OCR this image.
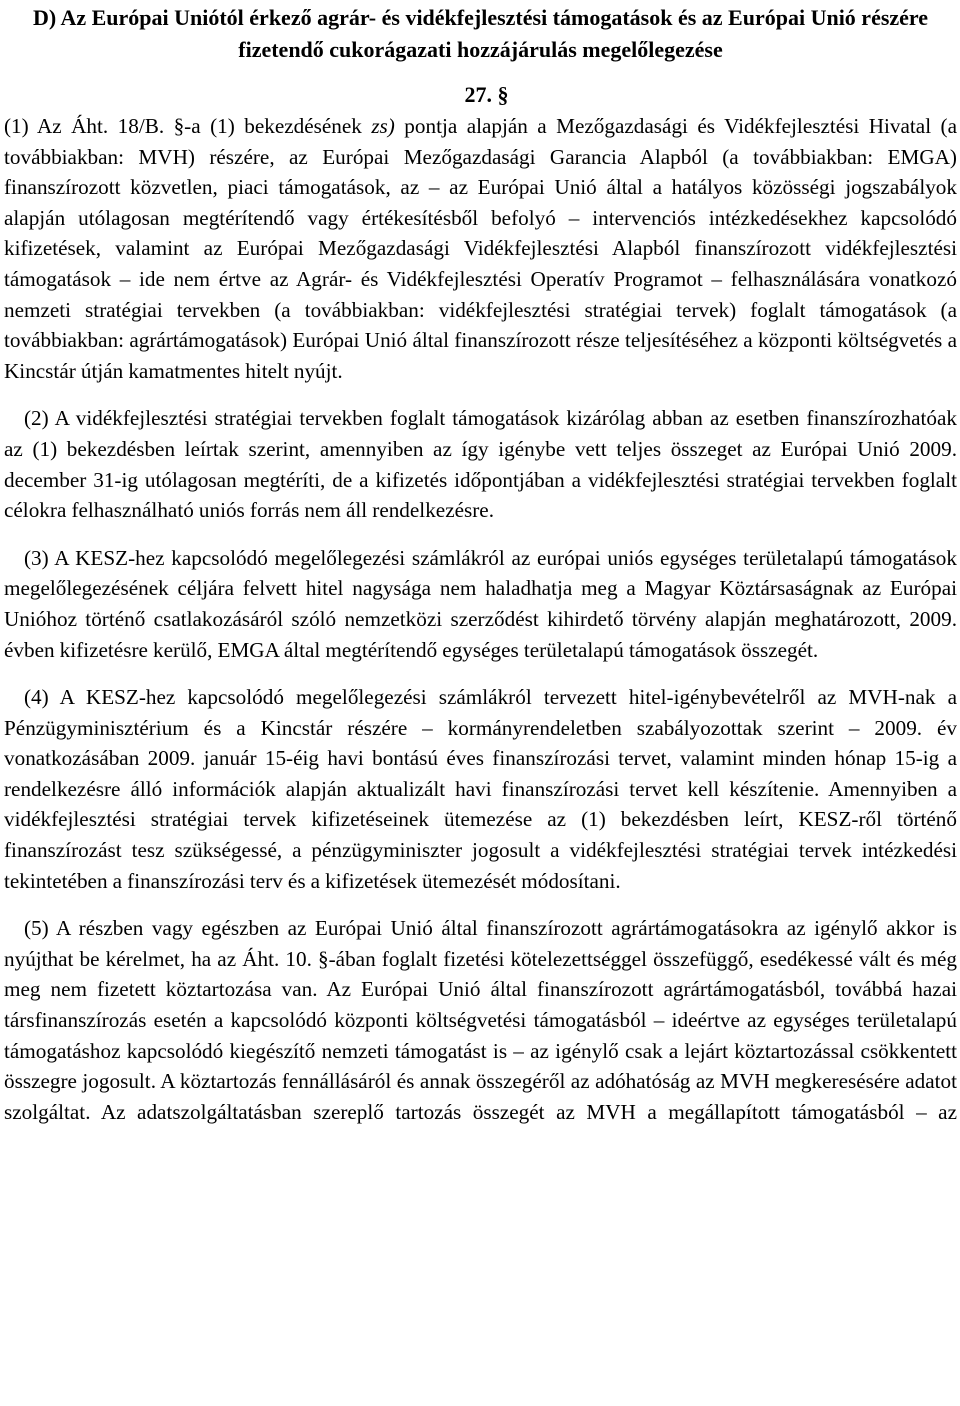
D) Az Európai Uniótól érkező agrár- és vidékfejlesztési támogatások és az Európai Unió részére fizetendő cukorágazati hozzájárulás megelőlegezése
27. §

(1) Az Áht. 18/B. §-a (1) bekezdésének zs) pontja alapján a Mezőgazdasági és Vidékfejlesztési Hivatal (a továbbiakban: MVH) részére, az Európai Mezőgazdasági Garancia Alapból (a továbbiakban: EMGA) finanszírozott közvetlen, piaci támogatások, az – az Európai Unió által a hatályos közösségi jogszabályok alapján utólagosan megtérítendő vagy értékesítésből befolyó – intervenciós intézkedésekhez kapcsolódó kifizetések, valamint az Európai Mezőgazdasági Vidékfejlesztési Alapból finanszírozott vidékfejlesztési támogatások – ide nem értve az Agrár- és Vidékfejlesztési Operatív Programot – felhasználására vonatkozó nemzeti stratégiai tervekben (a továbbiakban: vidékfejlesztési stratégiai tervek) foglalt támogatások (a továbbiakban: agrártámogatások) Európai Unió által finanszírozott része teljesítéséhez a központi költségvetés a Kincstár útján kamatmentes hitelt nyújt.

(2) A vidékfejlesztési stratégiai tervekben foglalt támogatások kizárólag abban az esetben finanszírozhatóak az (1) bekezdésben leírtak szerint, amennyiben az így igénybe vett teljes összeget az Európai Unió 2009. december 31-ig utólagosan megtéríti, de a kifizetés időpontjában a vidékfejlesztési stratégiai tervekben foglalt célokra felhasználható uniós forrás nem áll rendelkezésre.

(3) A KESZ-hez kapcsolódó megelőlegezési számlákról az európai uniós egységes területalapú támogatások megelőlegezésének céljára felvett hitel nagysága nem haladhatja meg a Magyar Köztársaságnak az Európai Unióhoz történő csatlakozásáról szóló nemzetközi szerződést kihirdető törvény alapján meghatározott, 2009. évben kifizetésre kerülő, EMGA által megtérítendő egységes területalapú támogatások összegét.

(4) A KESZ-hez kapcsolódó megelőlegezési számlákról tervezett hitel-igénybevételről az MVH-nak a Pénzügyminisztérium és a Kincstár részére – kormányrendeletben szabályozottak szerint – 2009. év vonatkozásában 2009. január 15-éig havi bontású éves finanszírozási tervet, valamint minden hónap 15-ig a rendelkezésre álló információk alapján aktualizált havi finanszírozási tervet kell készítenie. Amennyiben a vidékfejlesztési stratégiai tervek kifizetéseinek ütemezése az (1) bekezdésben leírt, KESZ-ről történő finanszírozást tesz szükségessé, a pénzügyminiszter jogosult a vidékfejlesztési stratégiai tervek intézkedési tekintetében a finanszírozási terv és a kifizetések ütemezését módosítani.

(5) A részben vagy egészben az Európai Unió által finanszírozott agrártámogatásokra az igénylő akkor is nyújthat be kérelmet, ha az Áht. 10. §-ában foglalt fizetési kötelezettséggel összefüggő, esedékessé vált és még meg nem fizetett köztartozása van. Az Európai Unió által finanszírozott agrártámogatásból, továbbá hazai társfinanszírozás esetén a kapcsolódó központi költségvetési támogatásból – ideértve az egységes területalapú támogatáshoz kapcsolódó kiegészítő nemzeti támogatást is – az igénylő csak a lejárt köztartozással csökkentett összegre jogosult. A köztartozás fennállásáról és annak összegéről az adóhatóság az MVH megkeresésére adatot szolgáltat. Az adatszolgáltatásban szereplő tartozás összegét az MVH a megállapított támogatásból – az
